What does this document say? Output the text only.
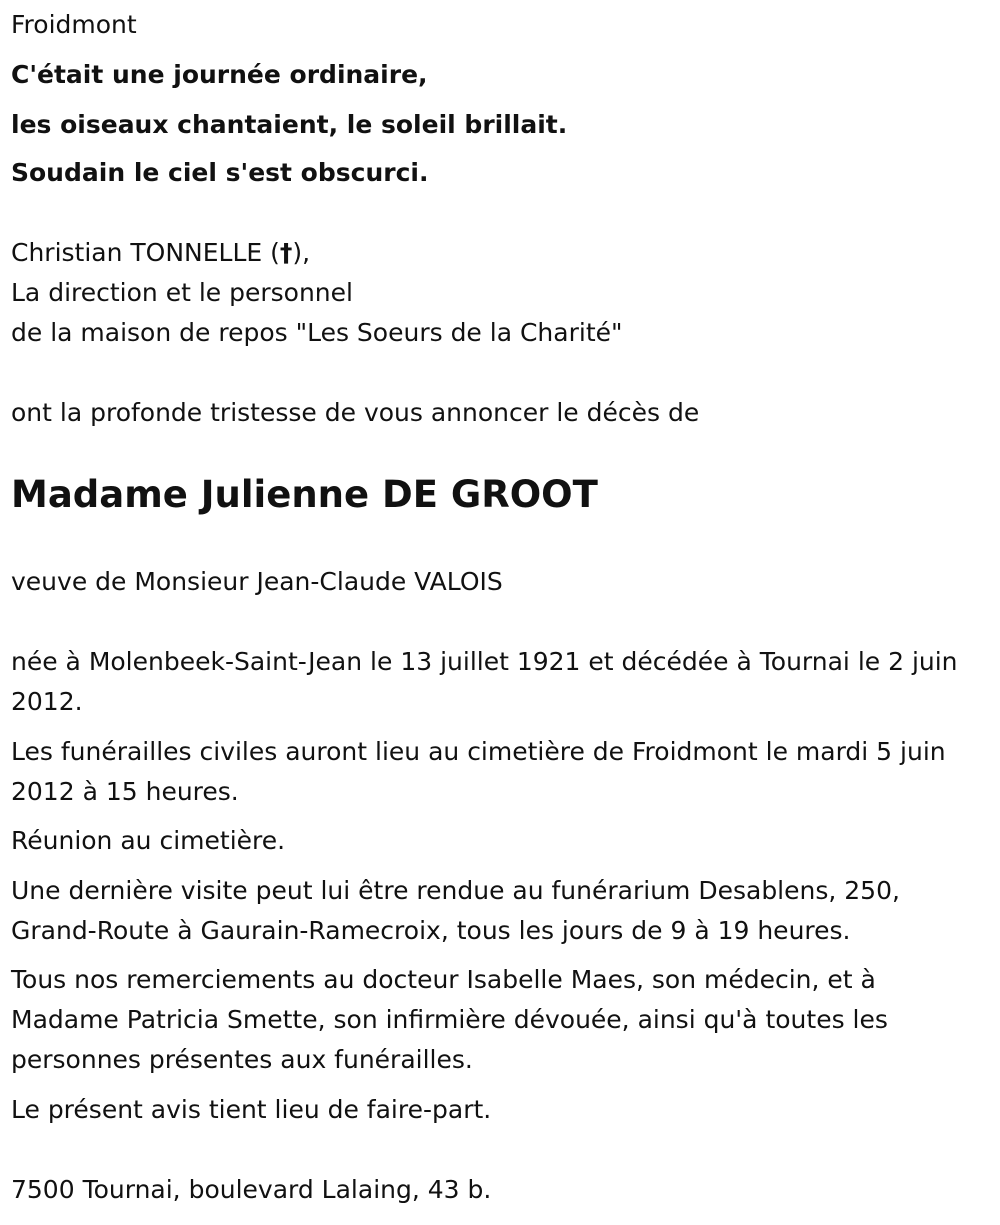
Froidmont
C'était une journée ordinaire,
les oiseaux chantaient, le soleil brillait.
Soudain le ciel s'est obscurci.
Christian TONNELLE (†),
La direction et le personnel
de la maison de repos "Les Soeurs de la Charité"
ont la profonde tristesse de vous annoncer le décès de
Madame Julienne DE GROOT
veuve de Monsieur Jean-Claude VALOIS
née à Molenbeek-Saint-Jean le 13 juillet 1921 et décédée à Tournai le 2 juin 2012.
Les funérailles civiles auront lieu au cimetière de Froidmont le mardi 5 juin 2012 à 15 heures.
Réunion au cimetière.
Une dernière visite peut lui être rendue au funérarium Desablens, 250, Grand-Route à Gaurain-Ramecroix, tous les jours de 9 à 19 heures.
Tous nos remerciements au docteur Isabelle Maes, son médecin, et à Madame Patricia Smette, son infirmière dévouée, ainsi qu'à toutes les personnes présentes aux funérailles.
Le présent avis tient lieu de faire-part.
7500 Tournai, boulevard Lalaing, 43 b.
